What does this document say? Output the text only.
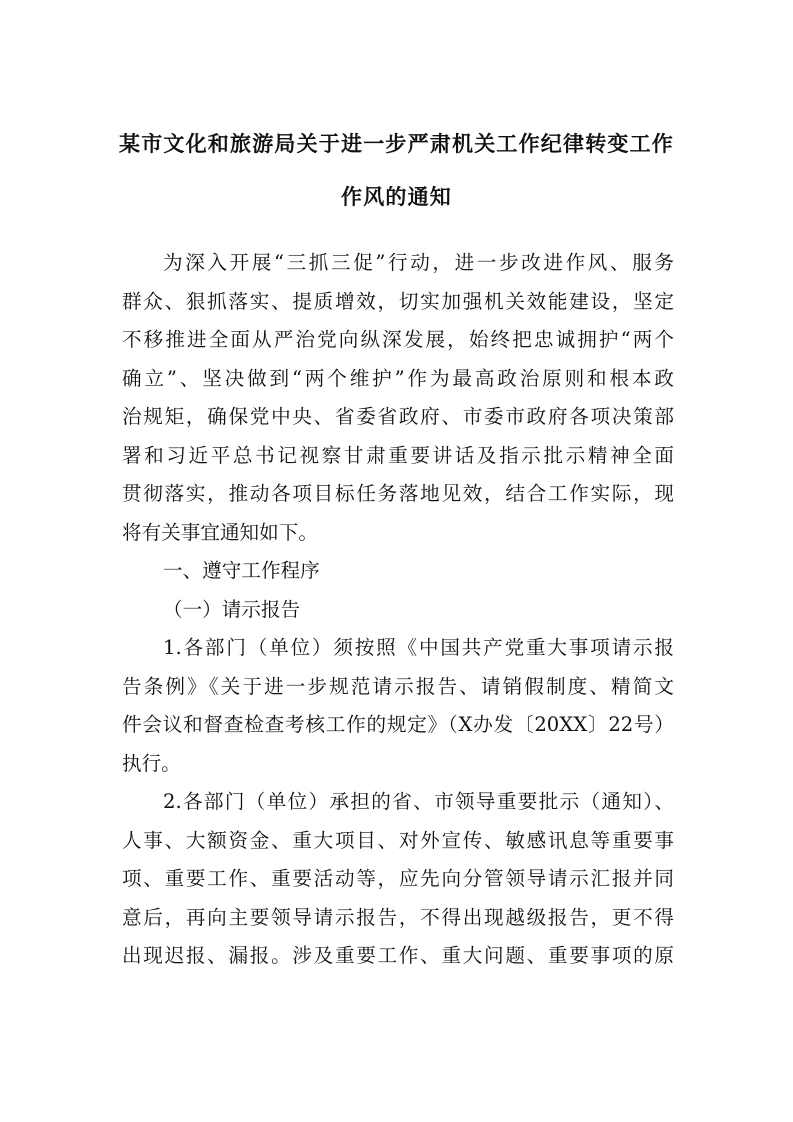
某市文化和旅游局关于进一步严肃机关工作纪律转变工作
作风的通知
为深入开展“三抓三促”行动，进一步改进作风、服务
群众、狠抓落实、提质增效，切实加强机关效能建设，坚定
不移推进全面从严治党向纵深发展，始终把忠诚拥护“两个
确立”、坚决做到“两个维护”作为最高政治原则和根本政
治规矩，确保党中央、省委省政府、市委市政府各项决策部
署和习近平总书记视察甘肃重要讲话及指示批示精神全面
贯彻落实，推动各项目标任务落地见效，结合工作实际，现
将有关事宜通知如下。
一、遵守工作程序
（一）请示报告
1.各部门（单位）须按照《中国共产党重大事项请示报
告条例》《关于进一步规范请示报告、请销假制度、精简文
件会议和督查检查考核工作的规定》（X办发〔20XX〕22号）
执行。
2.各部门（单位）承担的省、市领导重要批示（通知）、
人事、大额资金、重大项目、对外宣传、敏感讯息等重要事
项、重要工作、重要活动等，应先向分管领导请示汇报并同
意后，再向主要领导请示报告，不得出现越级报告，更不得
出现迟报、漏报。涉及重要工作、重大问题、重要事项的原
